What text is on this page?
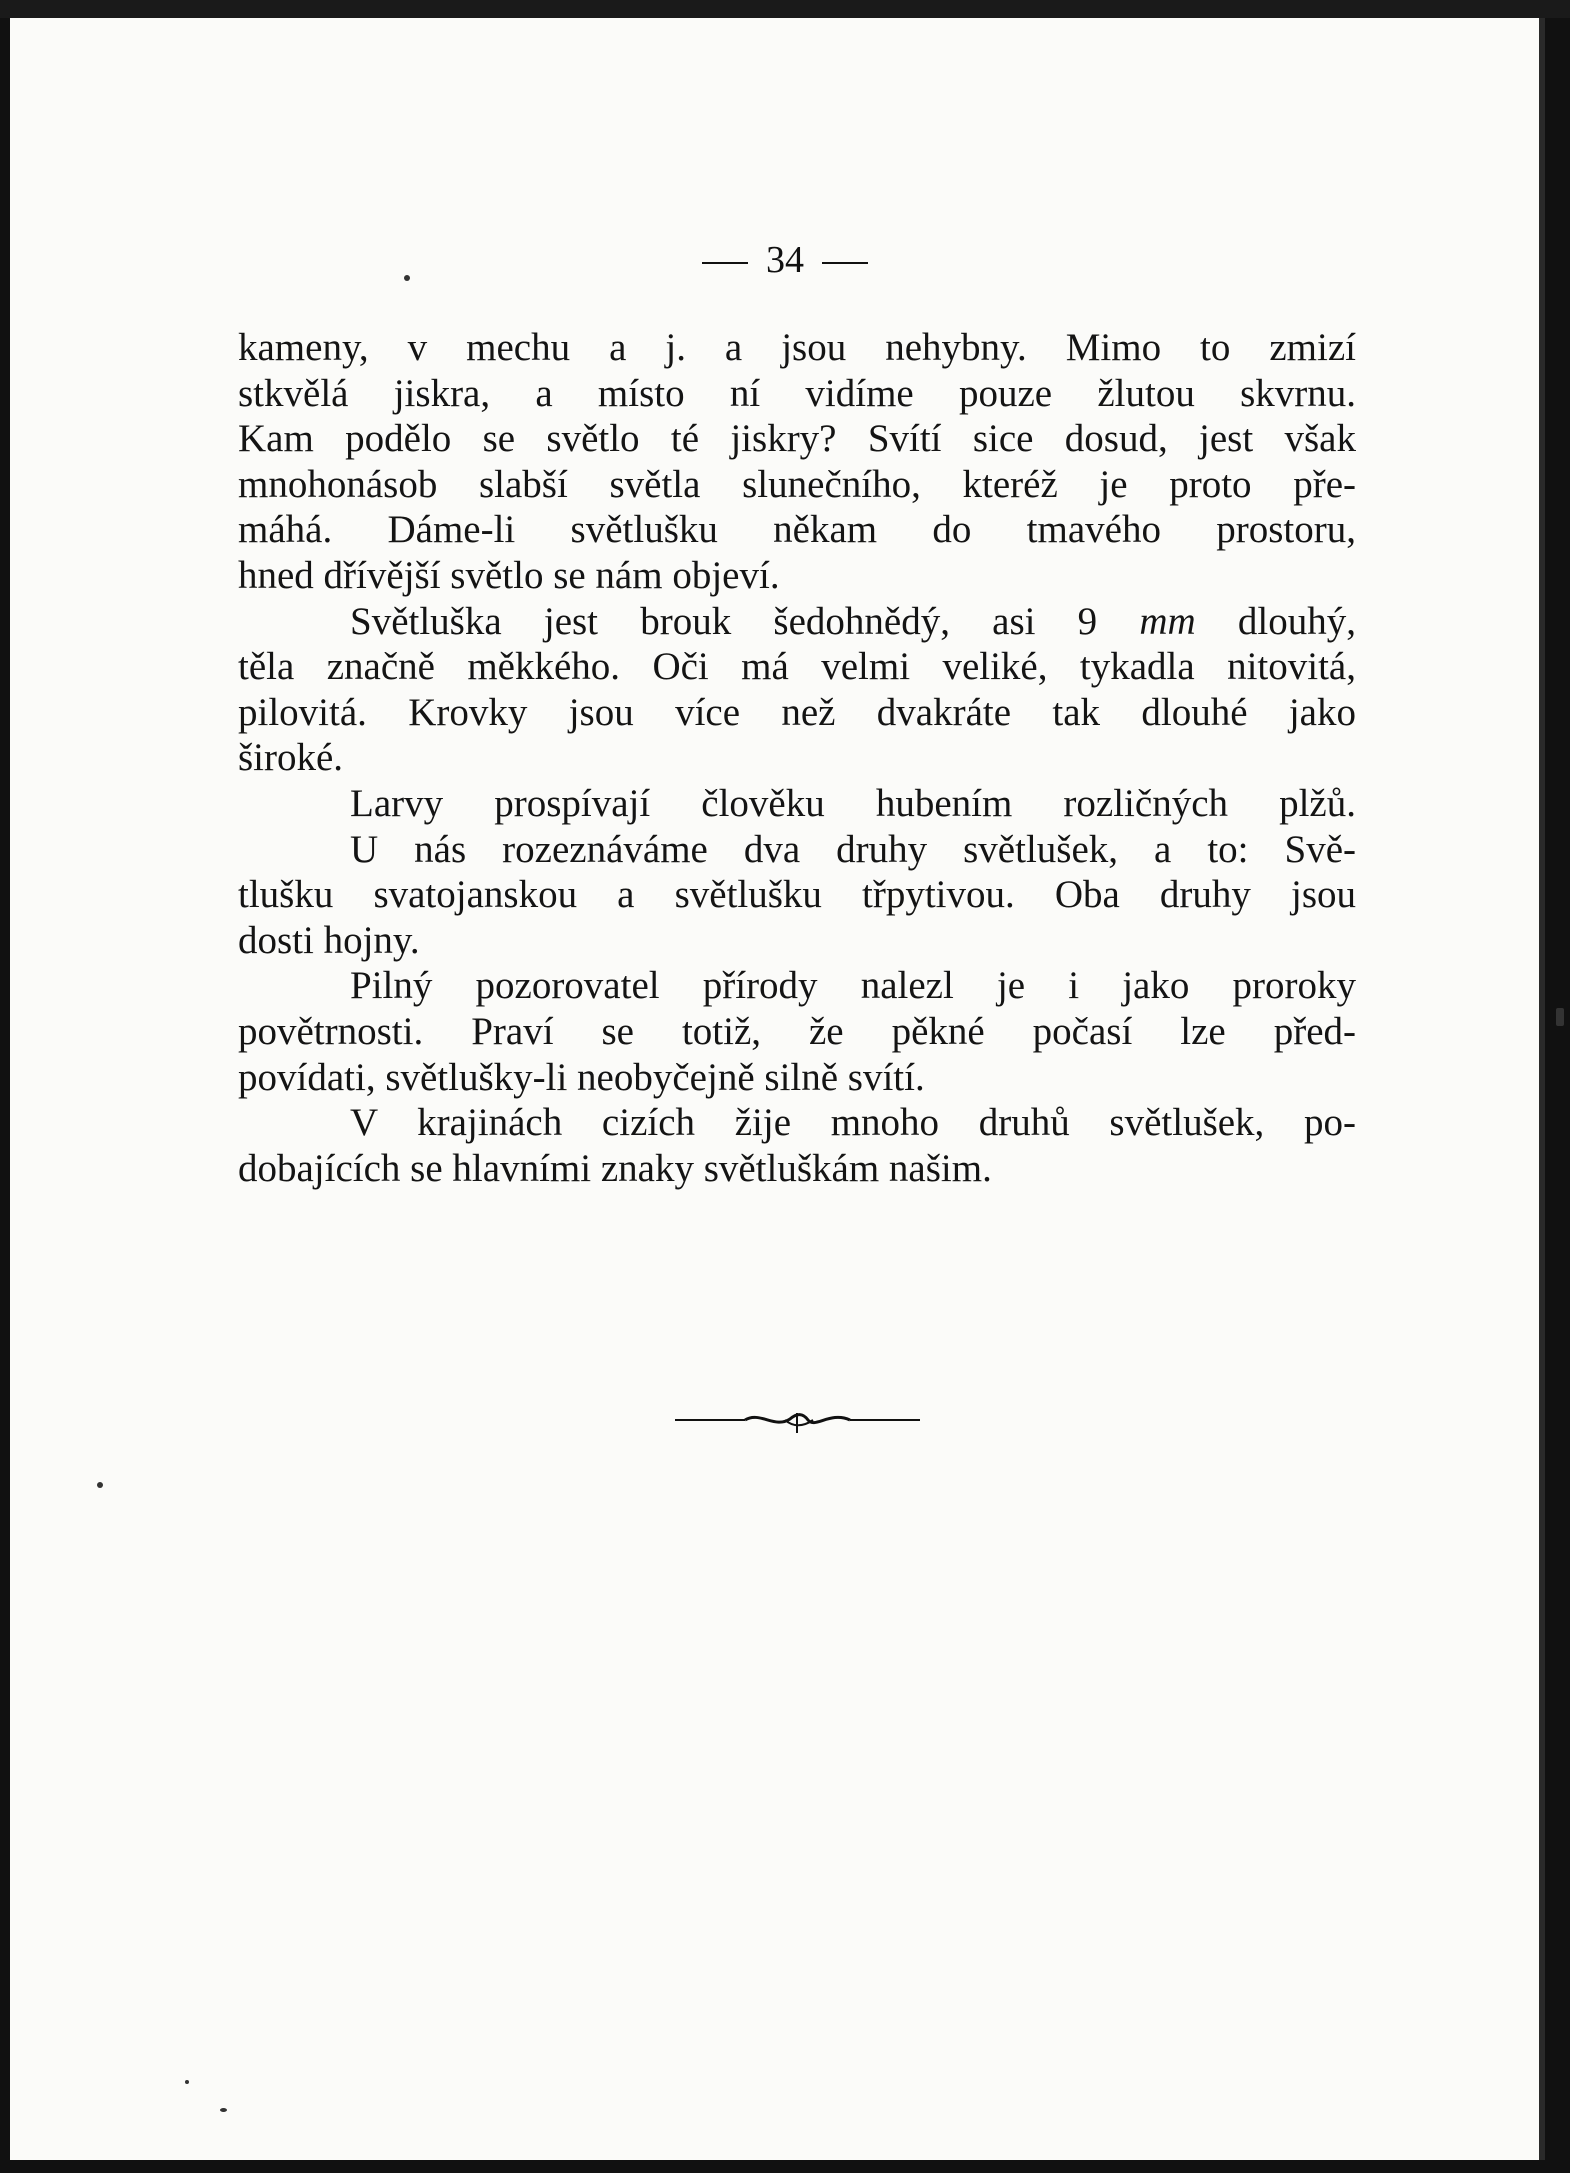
34
kameny, v mechu a j. a jsou nehybny. Mimo to zmizí
stkvělá jiskra, a místo ní vidíme pouze žlutou skvrnu.
Kam podělo se světlo té jiskry? Svítí sice dosud, jest však
mnohonásob slabší světla slunečního, kteréž je proto pře-
máhá. Dáme-li světlušku někam do tmavého prostoru,
hned dřívější světlo se nám objeví.
Světluška jest brouk šedohnědý, asi 9 mm dlouhý,
těla značně měkkého. Oči má velmi veliké, tykadla nitovitá,
pilovitá. Krovky jsou více než dvakráte tak dlouhé jako
široké.
Larvy prospívají člověku hubením rozličných plžů.
U nás rozeznáváme dva druhy světlušek, a to: Svě-
tlušku svatojanskou a světlušku třpytivou. Oba druhy jsou
dosti hojny.
Pilný pozorovatel přírody nalezl je i jako proroky
povětrnosti. Praví se totiž, že pěkné počasí lze před-
povídati, světlušky-li neobyčejně silně svítí.
V krajinách cizích žije mnoho druhů světlušek, po-
dobajících se hlavními znaky světluškám našim.
